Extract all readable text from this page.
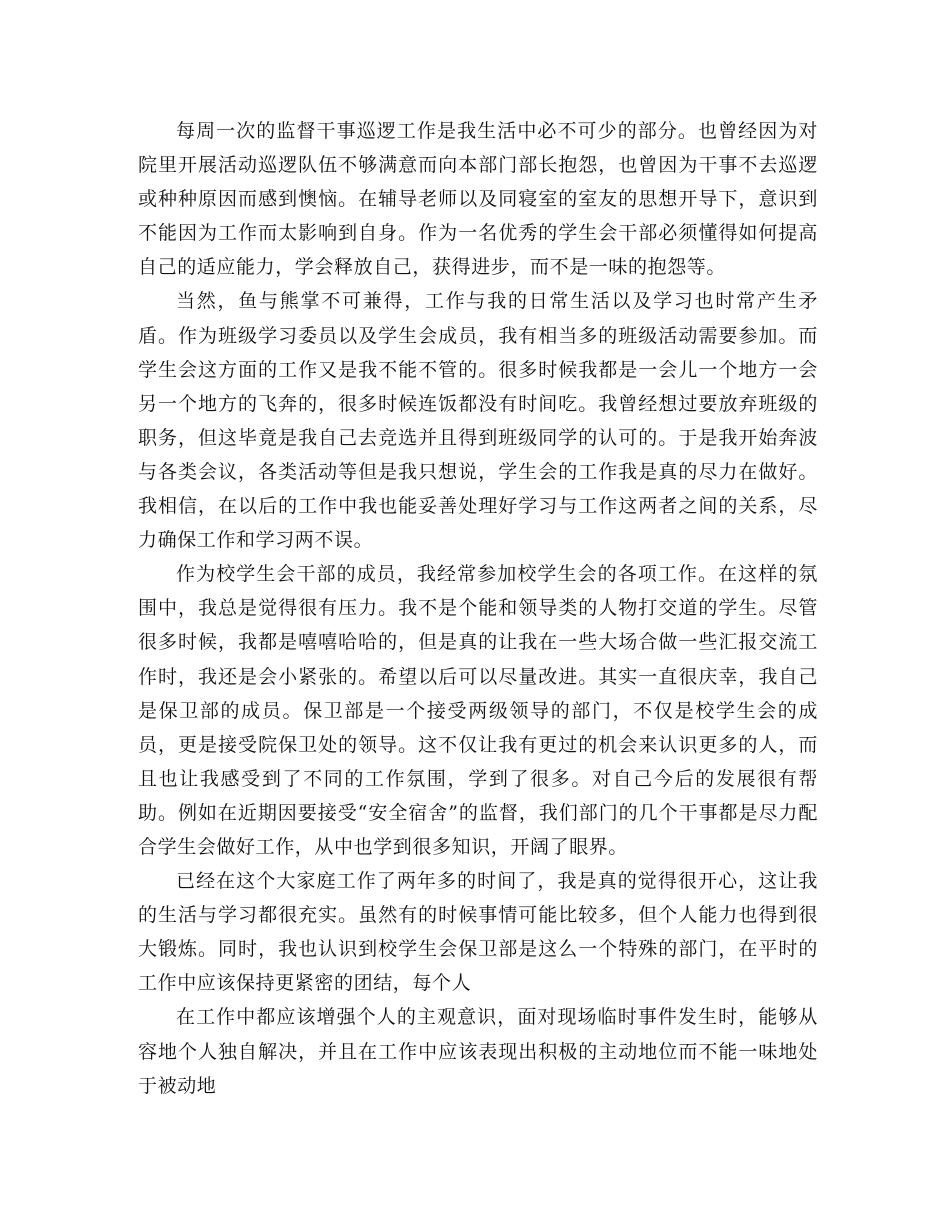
每周一次的监督干事巡逻工作是我生活中必不可少的部分。也曾经因为对院里开展活动巡逻队伍不够满意而向本部门部长抱怨，也曾因为干事不去巡逻或种种原因而感到懊恼。在辅导老师以及同寝室的室友的思想开导下，意识到不能因为工作而太影响到自身。作为一名优秀的学生会干部必须懂得如何提高自己的适应能力，学会释放自己，获得进步，而不是一味的抱怨等。

当然，鱼与熊掌不可兼得，工作与我的日常生活以及学习也时常产生矛盾。作为班级学习委员以及学生会成员，我有相当多的班级活动需要参加。而学生会这方面的工作又是我不能不管的。很多时候我都是一会儿一个地方一会另一个地方的飞奔的，很多时候连饭都没有时间吃。我曾经想过要放弃班级的职务，但这毕竟是我自己去竞选并且得到班级同学的认可的。于是我开始奔波与各类会议，各类活动等但是我只想说，学生会的工作我是真的尽力在做好。我相信，在以后的工作中我也能妥善处理好学习与工作这两者之间的关系，尽力确保工作和学习两不误。

作为校学生会干部的成员，我经常参加校学生会的各项工作。在这样的氛围中，我总是觉得很有压力。我不是个能和领导类的人物打交道的学生。尽管很多时候，我都是嘻嘻哈哈的，但是真的让我在一些大场合做一些汇报交流工作时，我还是会小紧张的。希望以后可以尽量改进。其实一直很庆幸，我自己是保卫部的成员。保卫部是一个接受两级领导的部门，不仅是校学生会的成员，更是接受院保卫处的领导。这不仅让我有更过的机会来认识更多的人，而且也让我感受到了不同的工作氛围，学到了很多。对自己今后的发展很有帮助。例如在近期因要接受“安全宿舍”的监督，我们部门的几个干事都是尽力配合学生会做好工作，从中也学到很多知识，开阔了眼界。

已经在这个大家庭工作了两年多的时间了，我是真的觉得很开心，这让我的生活与学习都很充实。虽然有的时候事情可能比较多，但个人能力也得到很大锻炼。同时，我也认识到校学生会保卫部是这么一个特殊的部门，在平时的工作中应该保持更紧密的团结，每个人

在工作中都应该增强个人的主观意识，面对现场临时事件发生时，能够从容地个人独自解决，并且在工作中应该表现出积极的主动地位而不能一味地处于被动地
